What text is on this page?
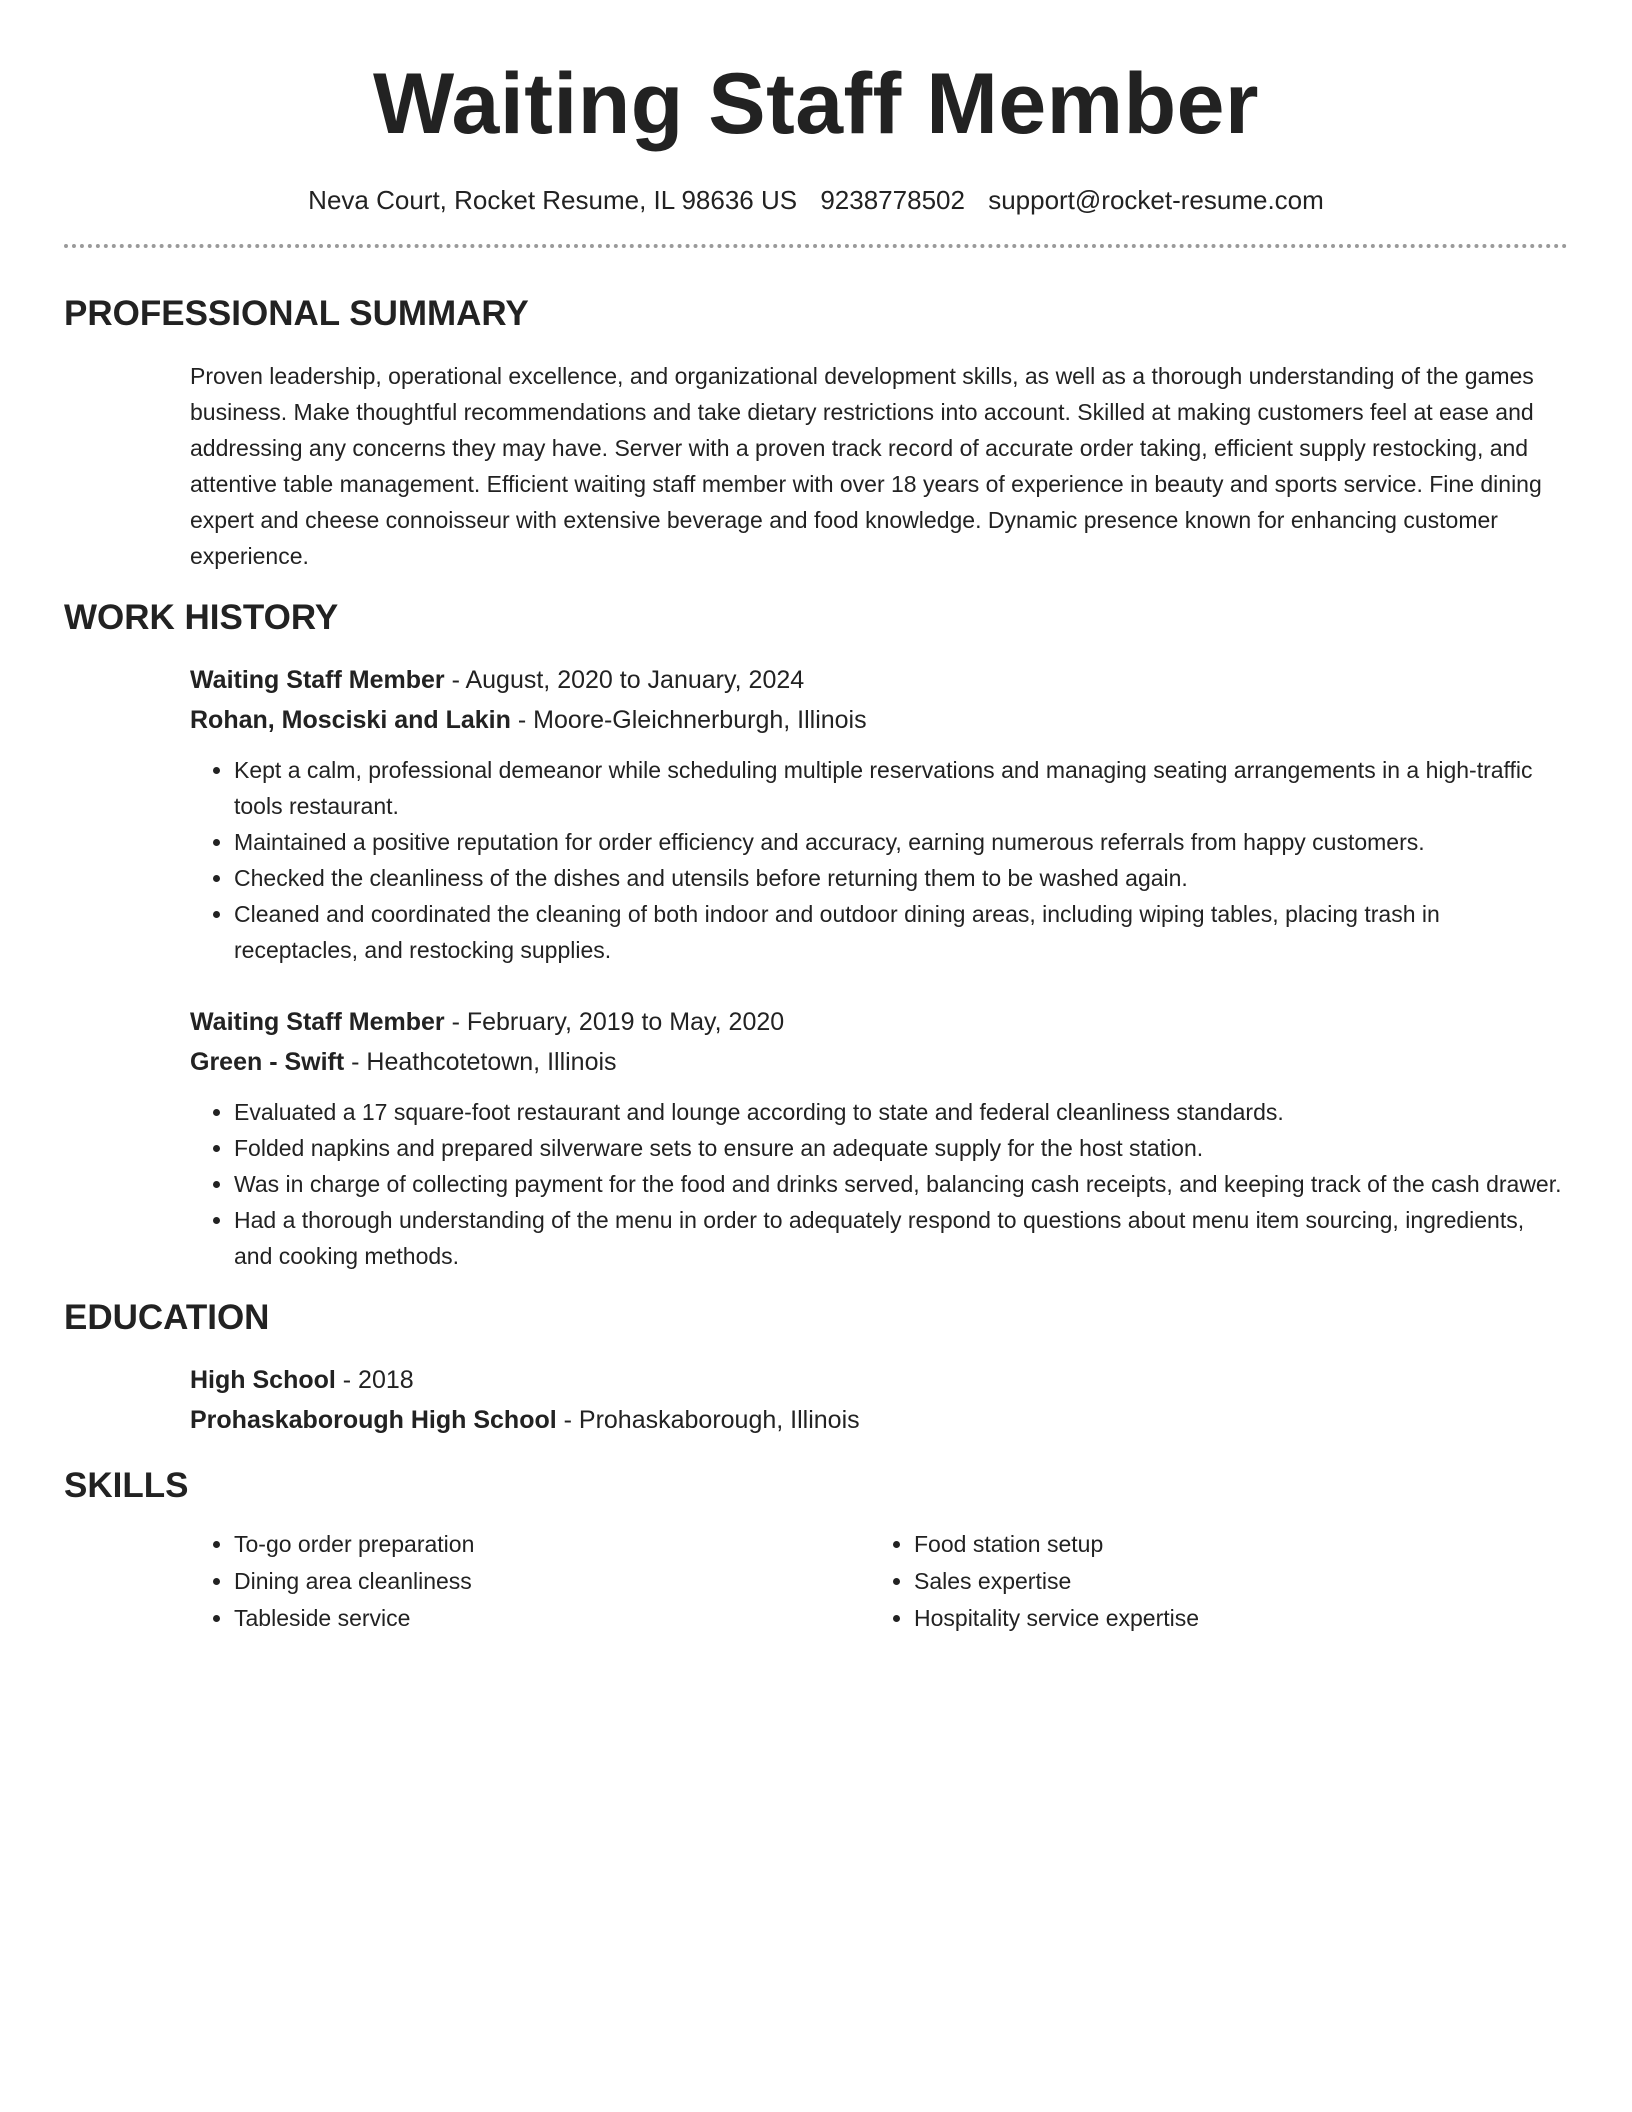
Waiting Staff Member
Neva Court, Rocket Resume, IL 98636 US 9238778502 support@rocket-resume.com
PROFESSIONAL SUMMARY

Proven leadership, operational excellence, and organizational development skills, as well as a thorough understanding of the games business. Make thoughtful recommendations and take dietary restrictions into account. Skilled at making customers feel at ease and addressing any concerns they may have. Server with a proven track record of accurate order taking, efficient supply restocking, and attentive table management. Efficient waiting staff member with over 18 years of experience in beauty and sports service. Fine dining expert and cheese connoisseur with extensive beverage and food knowledge. Dynamic presence known for enhancing customer experience.

WORK HISTORY
Waiting Staff Member - August, 2020 to January, 2024
Rohan, Mosciski and Lakin - Moore-Gleichnerburgh, Illinois
• Kept a calm, professional demeanor while scheduling multiple reservations and managing seating arrangements in a high-traffic tools restaurant.
• Maintained a positive reputation for order efficiency and accuracy, earning numerous referrals from happy customers.
• Checked the cleanliness of the dishes and utensils before returning them to be washed again.
• Cleaned and coordinated the cleaning of both indoor and outdoor dining areas, including wiping tables, placing trash in receptacles, and restocking supplies.
Waiting Staff Member - February, 2019 to May, 2020
Green - Swift - Heathcotetown, Illinois
• Evaluated a 17 square-foot restaurant and lounge according to state and federal cleanliness standards.
• Folded napkins and prepared silverware sets to ensure an adequate supply for the host station.
• Was in charge of collecting payment for the food and drinks served, balancing cash receipts, and keeping track of the cash drawer.
• Had a thorough understanding of the menu in order to adequately respond to questions about menu item sourcing, ingredients, and cooking methods.
EDUCATION
High School - 2018
Prohaskaborough High School - Prohaskaborough, Illinois
SKILLS
• To-go order preparation
• Dining area cleanliness
• Tableside service
• Food station setup
• Sales expertise
• Hospitality service expertise
